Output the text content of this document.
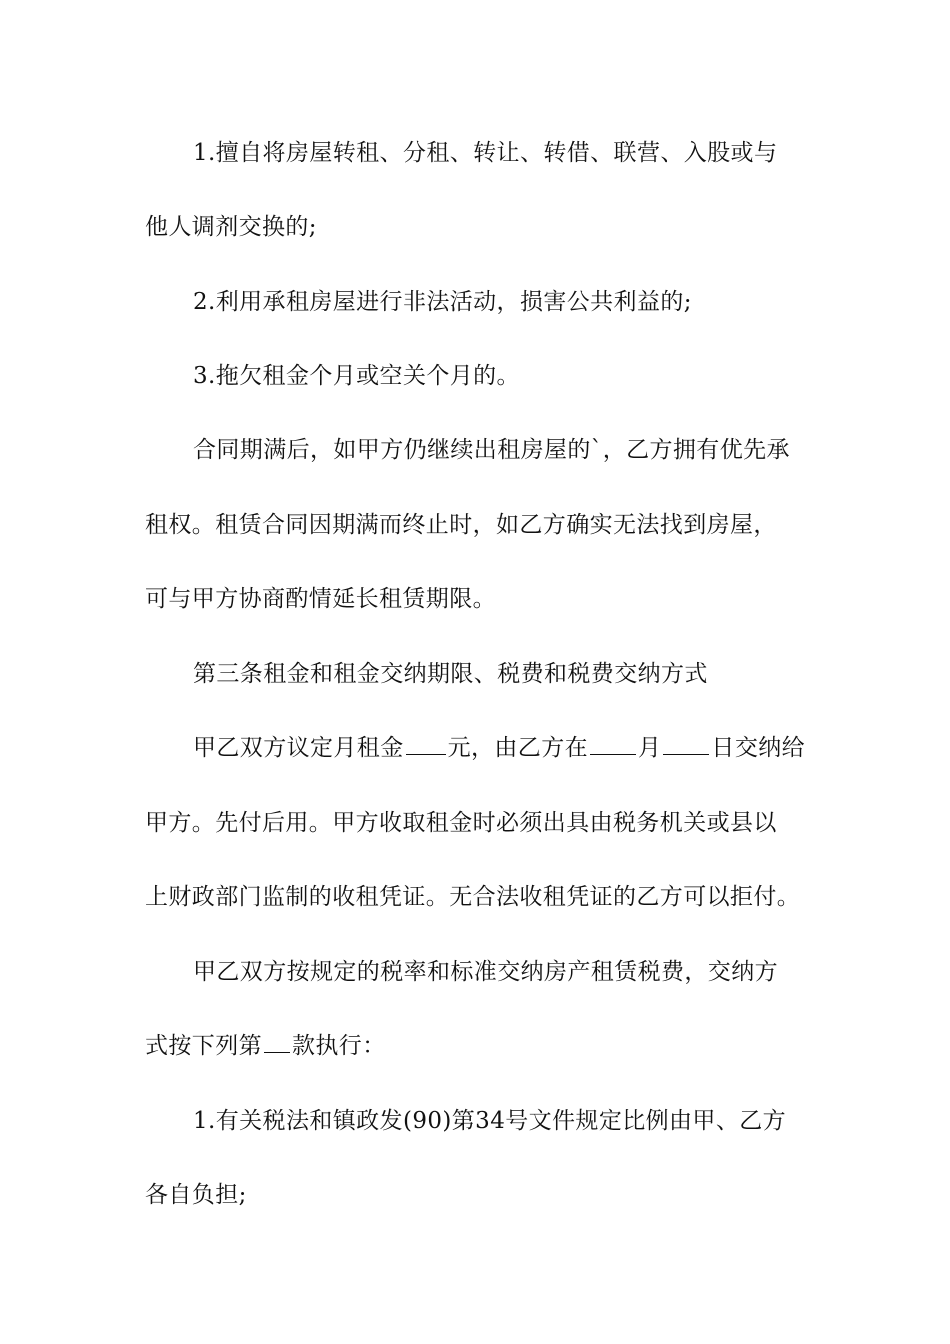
1.擅自将房屋转租、分租、转让、转借、联营、入股或与
他人调剂交换的;
2.利用承租房屋进行非法活动，损害公共利益的;
3.拖欠租金个月或空关个月的。
合同期满后，如甲方仍继续出租房屋的`，乙方拥有优先承
租权。租赁合同因期满而终止时，如乙方确实无法找到房屋，
可与甲方协商酌情延长租赁期限。
第三条租金和租金交纳期限、税费和税费交纳方式
甲乙双方议定月租金 元，由乙方在 月 日交纳给
甲方。先付后用。甲方收取租金时必须出具由税务机关或县以
上财政部门监制的收租凭证。无合法收租凭证的乙方可以拒付。
甲乙双方按规定的税率和标准交纳房产租赁税费，交纳方
式按下列第 款执行：
1.有关税法和镇政发(90)第34号文件规定比例由甲、乙方
各自负担;
